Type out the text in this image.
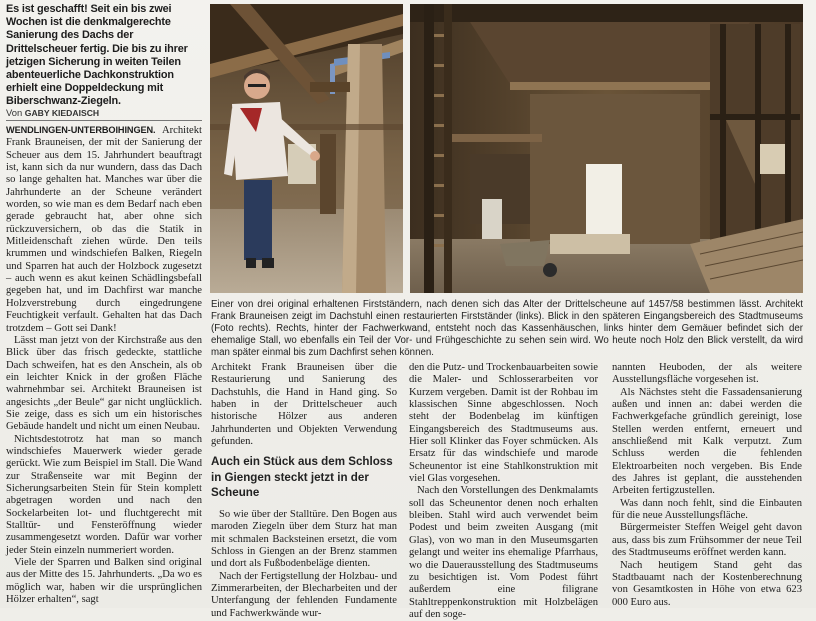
Es ist geschafft! Seit ein bis zwei Wochen ist die denkmalgerechte Sanierung des Dachs der Drittelscheuer fertig. Die bis zu ihrer jetzigen Sicherung in weiten Teilen abenteuerliche Dachkonstruktion erhielt eine Doppeldeckung mit Biberschwanz-Ziegeln.
Von GABY KIEDAISCH

WENDLINGEN-UNTERBOIHINGEN. Architekt Frank Brauneisen, der mit der Sanierung der Scheuer aus dem 15. Jahrhundert beauftragt ist, kann sich da nur wundern, dass das Dach so lange gehalten hat. Manches war über die Jahrhunderte an der Scheune verändert worden, so wie man es dem Bedarf nach eben gerade gebraucht hat, aber ohne sich rückzuversichern, ob das die Statik in Mitleidenschaft ziehen würde. Den teils krummen und windschiefen Balken, Riegeln und Sparren hat auch der Holzbock zugesetzt – auch wenn es akut keinen Schädlingsbefall gegeben hat, und im Dachfirst war manche Holzverstrebung durch eingedrungene Feuchtigkeit verfault. Gehalten hat das Dach trotzdem – Gott sei Dank!

Lässt man jetzt von der Kirchstraße aus den Blick über das frisch gedeckte, stattliche Dach schweifen, hat es den Anschein, als ob ein leichter Knick in der großen Fläche wahrnehmbar sei. Architekt Brauneisen ist angesichts „der Beule“ gar nicht unglücklich. Sie zeige, dass es sich um ein historisches Gebäude handelt und nicht um einen Neubau.

Nichtsdestotrotz hat man so manch windschiefes Mauerwerk wieder gerade gerückt. Wie zum Beispiel im Stall. Die Wand zur Straßenseite war mit Beginn der Sicherungsarbeiten Stein für Stein komplett abgetragen worden und nach den Sockelarbeiten lot- und fluchtgerecht mit Stalltür- und Fensteröffnung wieder zusammengesetzt worden. Dafür war vorher jeder Stein einzeln nummeriert worden.

Viele der Sparren und Balken sind original aus der Mitte des 15. Jahrhunderts. „Da wo es möglich war, haben wir die ursprünglichen Hölzer erhalten“, sagt

Einer von drei original erhaltenen Firstständern, nach denen sich das Alter der Drittelscheune auf 1457/58 bestimmen lässt. Architekt Frank Brauneisen zeigt im Dachstuhl einen restaurierten Firstständer (links). Blick in den späteren Eingangsbereich des Stadtmuseums (Foto rechts). Rechts, hinter der Fachwerkwand, entsteht noch das Kassenhäuschen, links hinter dem Gemäuer befindet sich der ehemalige Stall, wo ebenfalls ein Teil der Vor- und Frühgeschichte zu sehen sein wird. Wo heute noch Holz den Blick verstellt, da wird man später einmal bis zum Dachfirst sehen können.

Architekt Frank Brauneisen über die Restaurierung und Sanierung des Dachstuhls, die Hand in Hand ging. So haben in der Drittelscheuer auch historische Hölzer aus anderen Jahrhunderten und Objekten Verwendung gefunden.

Auch ein Stück aus dem Schloss in Giengen steckt jetzt in der Scheune

So wie über der Stalltüre. Den Bogen aus maroden Ziegeln über dem Sturz hat man mit schmalen Backsteinen ersetzt, die vom Schloss in Giengen an der Brenz stammen und dort als Fußbodenbeläge dienten.

Nach der Fertigstellung der Holzbau- und Zimmerarbeiten, der Blecharbeiten und der Unterfangung der fehlenden Fundamente und Fachwerkwände wur-

den die Putz- und Trockenbauarbeiten sowie die Maler- und Schlosserarbeiten vor Kurzem vergeben. Damit ist der Rohbau im klassischen Sinne abgeschlossen. Noch steht der Bodenbelag im künftigen Eingangsbereich des Stadtmuseums aus. Hier soll Klinker das Foyer schmücken. Als Ersatz für das windschiefe und marode Scheunentor ist eine Stahlkonstruktion mit viel Glas vorgesehen.

Nach den Vorstellungen des Denkmalamts soll das Scheunentor denen noch erhalten bleiben. Stahl wird auch verwendet beim Podest und beim zweiten Ausgang (mit Glas), von wo man in den Museumsgarten gelangt und weiter ins ehemalige Pfarrhaus, wo die Dauerausstellung des Stadtmuseums zu besichtigen ist. Vom Podest führt außerdem eine filigrane Stahltreppenkonstruktion mit Holzbelägen auf den soge-

nannten Heuboden, der als weitere Ausstellungsfläche vorgesehen ist.

Als Nächstes steht die Fassadensanierung außen und innen an: dabei werden die Fachwerkgefache gründlich gereinigt, lose Stellen werden entfernt, erneuert und anschließend mit Kalk verputzt. Zum Schluss werden die fehlenden Elektroarbeiten noch vergeben. Bis Ende des Jahres ist geplant, die ausstehenden Arbeiten fertigzustellen.

Was dann noch fehlt, sind die Einbauten für die neue Ausstellungsfläche.

Bürgermeister Steffen Weigel geht davon aus, dass bis zum Frühsommer der neue Teil des Stadtmuseums eröffnet werden kann.

Nach heutigem Stand geht das Stadtbauamt nach der Kostenberechnung von Gesamtkosten in Höhe von etwa 623 000 Euro aus.
